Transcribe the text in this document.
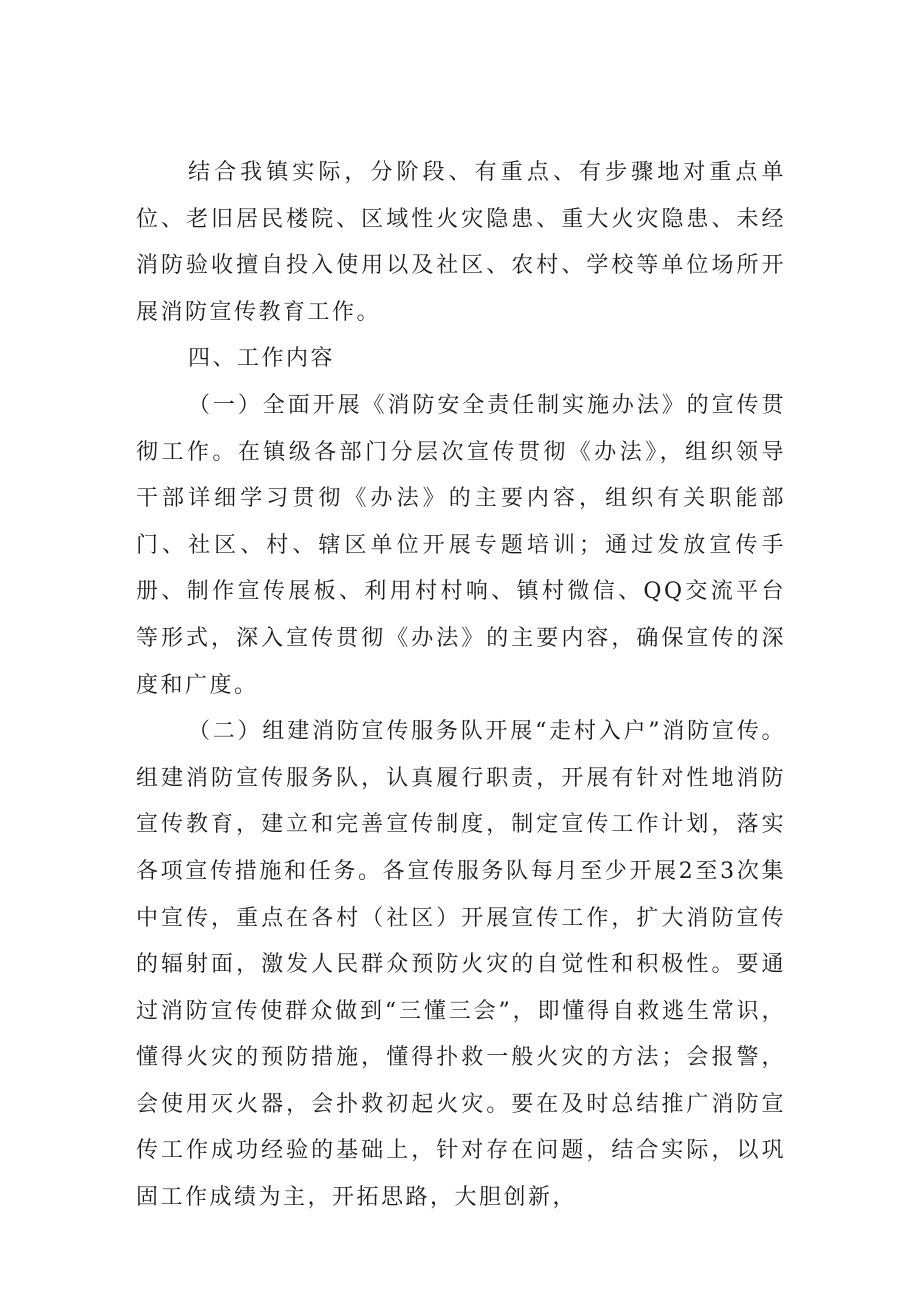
结合我镇实际，分阶段、有重点、有步骤地对重点单位、老旧居民楼院、区域性火灾隐患、重大火灾隐患、未经消防验收擅自投入使用以及社区、农村、学校等单位场所开展消防宣传教育工作。

四、工作内容

（一）全面开展《消防安全责任制实施办法》的宣传贯彻工作。在镇级各部门分层次宣传贯彻《办法》，组织领导干部详细学习贯彻《办法》的主要内容，组织有关职能部门、社区、村、辖区单位开展专题培训；通过发放宣传手册、制作宣传展板、利用村村响、镇村微信、QQ交流平台等形式，深入宣传贯彻《办法》的主要内容，确保宣传的深度和广度。

（二）组建消防宣传服务队开展“走村入户”消防宣传。组建消防宣传服务队，认真履行职责，开展有针对性地消防宣传教育，建立和完善宣传制度，制定宣传工作计划，落实各项宣传措施和任务。各宣传服务队每月至少开展2至3次集中宣传，重点在各村（社区）开展宣传工作，扩大消防宣传的辐射面，激发人民群众预防火灾的自觉性和积极性。要通过消防宣传使群众做到“三懂三会”，即懂得自救逃生常识，懂得火灾的预防措施，懂得扑救一般火灾的方法；会报警，会使用灭火器，会扑救初起火灾。要在及时总结推广消防宣传工作成功经验的基础上，针对存在问题，结合实际，以巩固工作成绩为主，开拓思路，大胆创新，
